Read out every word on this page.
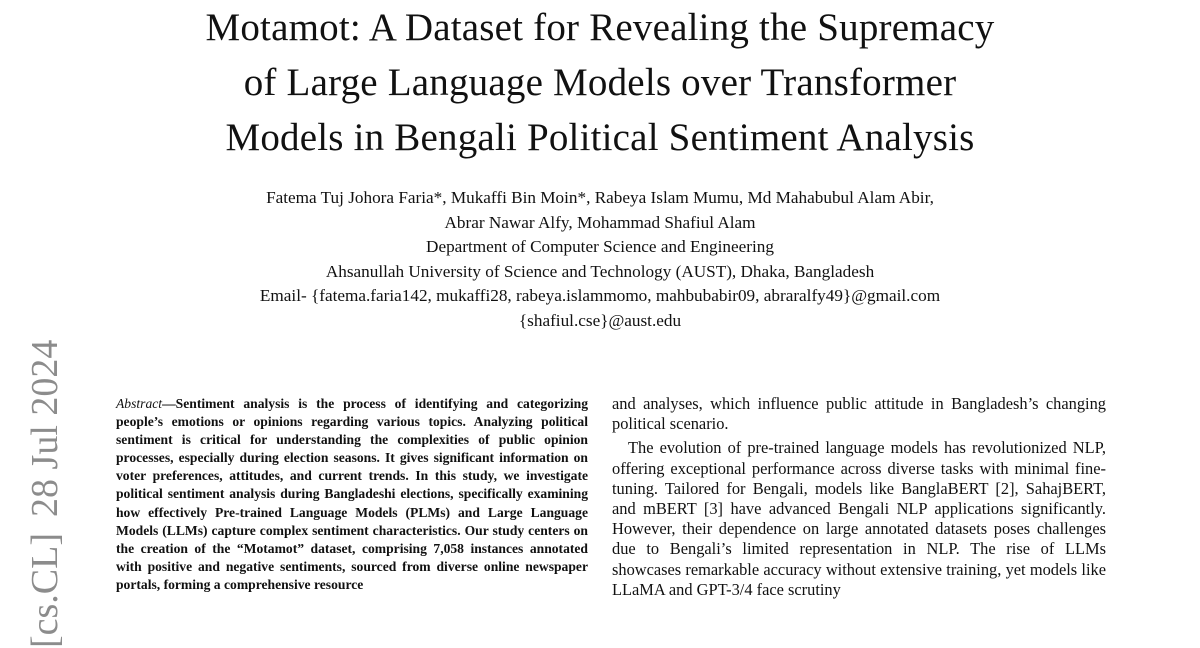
Motamot: A Dataset for Revealing the Supremacy
of Large Language Models over Transformer
Models in Bengali Political Sentiment Analysis
Fatema Tuj Johora Faria*, Mukaffi Bin Moin*, Rabeya Islam Mumu, Md Mahabubul Alam Abir,
Abrar Nawar Alfy, Mohammad Shafiul Alam
Department of Computer Science and Engineering
Ahsanullah University of Science and Technology (AUST), Dhaka, Bangladesh
Email- {fatema.faria142, mukaffi28, rabeya.islammomo, mahbubabir09, abraralfy49}@gmail.com
{shafiul.cse}@aust.edu
[cs.CL]28 Jul 2024	Abstract—Sentiment analysis is the process of identifying and categorizing people’s emotions or opinions regarding various topics. Analyzing political sentiment is critical for understanding the complexities of public opinion processes, especially during election seasons. It gives significant information on voter preferences, attitudes, and current trends. In this study, we investigate political sentiment analysis during Bangladeshi elections, specifically examining how effectively Pre-trained Language Models (PLMs) and Large Language Models (LLMs) capture complex sentiment characteristics. Our study centers on the creation of the “Motamot” dataset, comprising 7,058 instances annotated with positive and negative sentiments, sourced from diverse online newspaper portals, forming a comprehensive resource

and analyses, which influence public attitude in Bangladesh’s changing political scenario.

The evolution of pre-trained language models has revolutionized NLP, offering exceptional performance across diverse tasks with minimal fine-tuning. Tailored for Bengali, models like BanglaBERT [2], SahajBERT, and mBERT [3] have advanced Bengali NLP applications significantly. However, their dependence on large annotated datasets poses challenges due to Bengali’s limited representation in NLP. The rise of LLMs showcases remarkable accuracy without extensive training, yet models like LLaMA and GPT-3/4 face scrutiny
